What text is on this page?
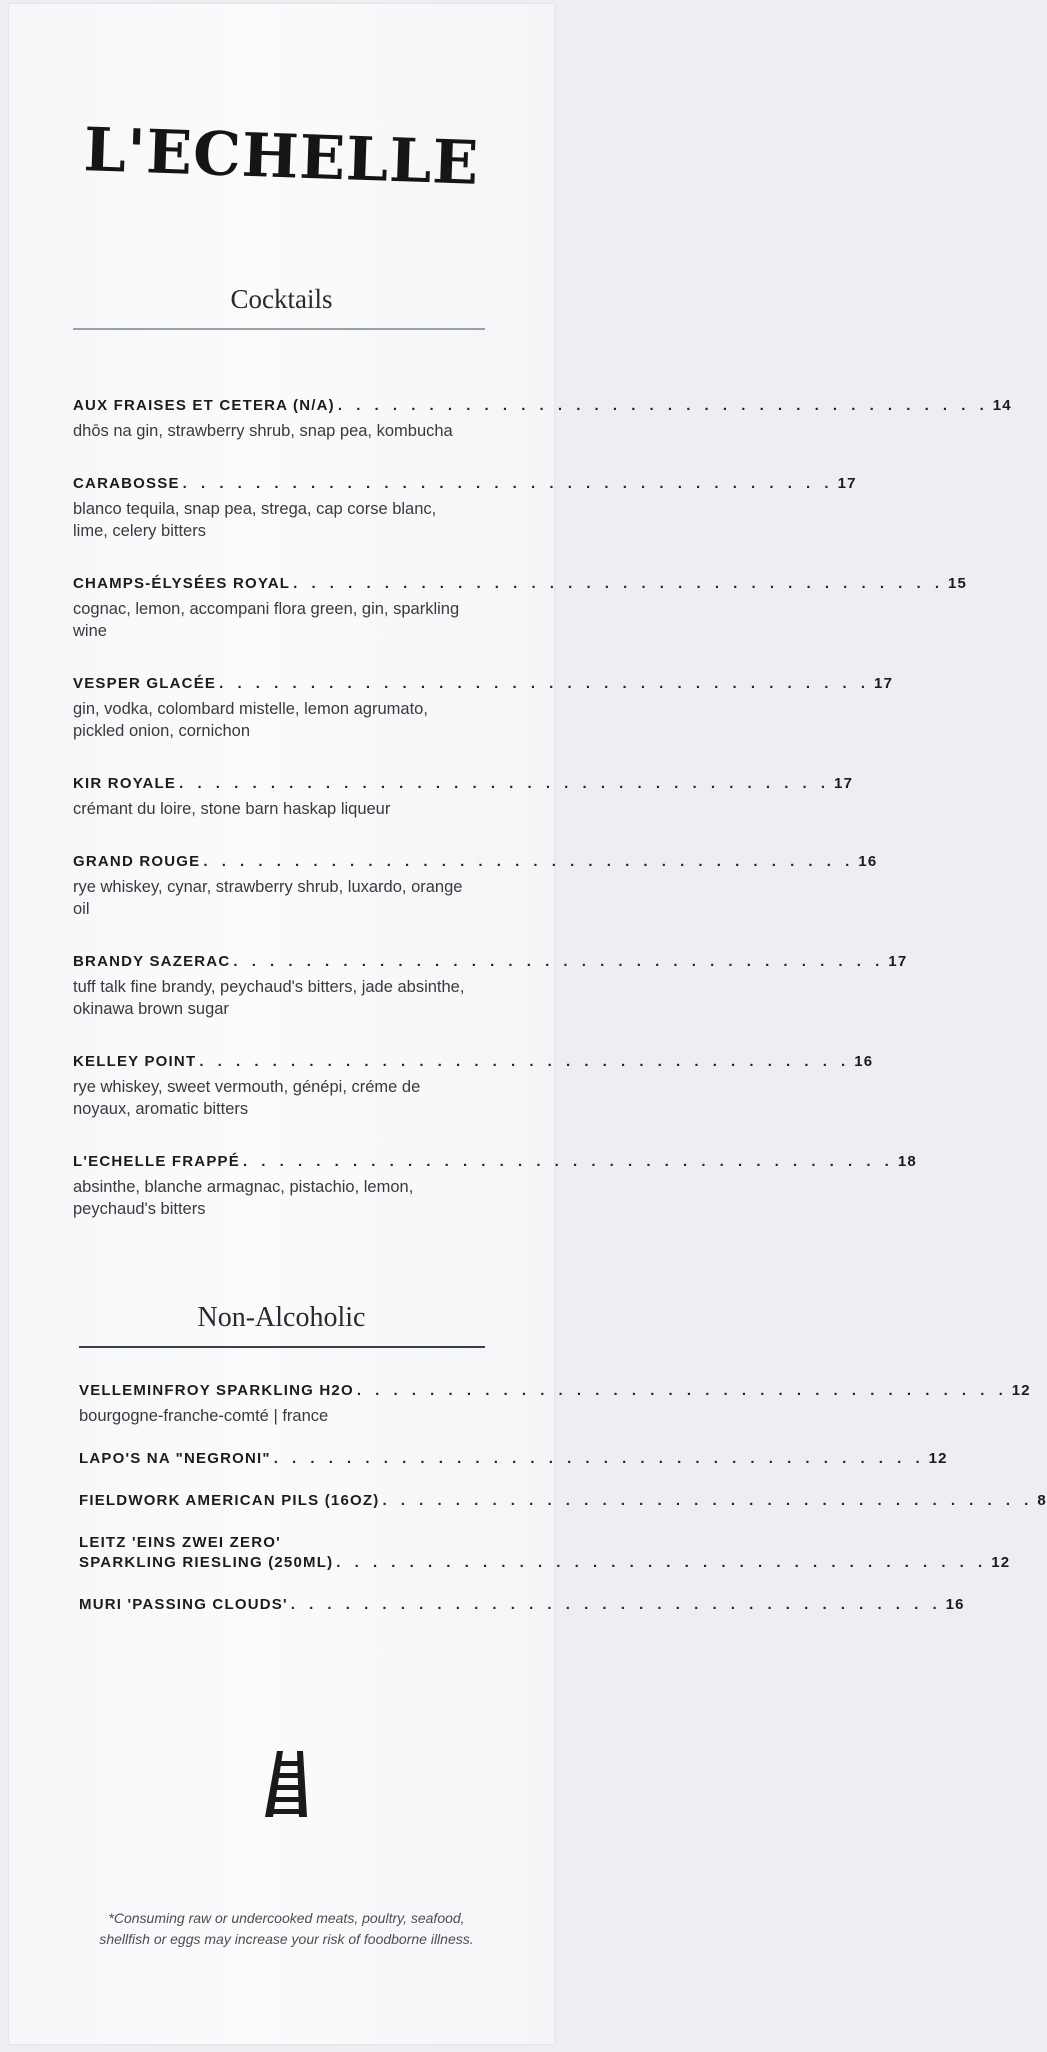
L'ECHELLE
Cocktails
AUX FRAISES ET CETERA (N/A) . . . . . . . . . . . . . . . . . . . . . . . . . . . . . . . . . . . . 14
dhōs na gin, strawberry shrub, snap pea, kombucha
CARABOSSE . . . . . . . . . . . . . . . . . . . . . . . . . . . . . . . . . . . . 17
blanco tequila, snap pea, strega, cap corse blanc, lime, celery bitters
CHAMPS-ÉLYSÉES ROYAL . . . . . . . . . . . . . . . . . . . . . . . . . . . . . . . . . . . . 15
cognac, lemon, accompani flora green, gin, sparkling wine
VESPER GLACÉE . . . . . . . . . . . . . . . . . . . . . . . . . . . . . . . . . . . . 17
gin, vodka, colombard mistelle, lemon agrumato, pickled onion, cornichon
KIR ROYALE . . . . . . . . . . . . . . . . . . . . . . . . . . . . . . . . . . . . 17
crémant du loire, stone barn haskap liqueur
GRAND ROUGE . . . . . . . . . . . . . . . . . . . . . . . . . . . . . . . . . . . . 16
rye whiskey, cynar, strawberry shrub, luxardo, orange oil
BRANDY SAZERAC . . . . . . . . . . . . . . . . . . . . . . . . . . . . . . . . . . . . 17
tuff talk fine brandy, peychaud's bitters, jade absinthe, okinawa brown sugar
KELLEY POINT . . . . . . . . . . . . . . . . . . . . . . . . . . . . . . . . . . . . 16
rye whiskey, sweet vermouth, génépi, créme de noyaux, aromatic bitters
L'ECHELLE FRAPPÉ . . . . . . . . . . . . . . . . . . . . . . . . . . . . . . . . . . . . 18
absinthe, blanche armagnac, pistachio, lemon, peychaud's bitters
Non-Alcoholic
VELLEMINFROY SPARKLING H2O . . . . . . . . . . . . . . . . . . . . . . . . . . . . . . . . . . . . 12
bourgogne-franche-comté | france
LAPO'S NA "NEGRONI" . . . . . . . . . . . . . . . . . . . . . . . . . . . . . . . . . . . . 12
FIELDWORK AMERICAN PILS (16OZ) . . . . . . . . . . . . . . . . . . . . . . . . . . . . . . . . . . . . 8
LEITZ 'EINS ZWEI ZERO'
SPARKLING RIESLING (250ML) . . . . . . . . . . . . . . . . . . . . . . . . . . . . . . . . . . . . 12
MURI 'PASSING CLOUDS' . . . . . . . . . . . . . . . . . . . . . . . . . . . . . . . . . . . . 16
*Consuming raw or undercooked meats, poultry, seafood, shellfish or eggs may increase your risk of foodborne illness.
